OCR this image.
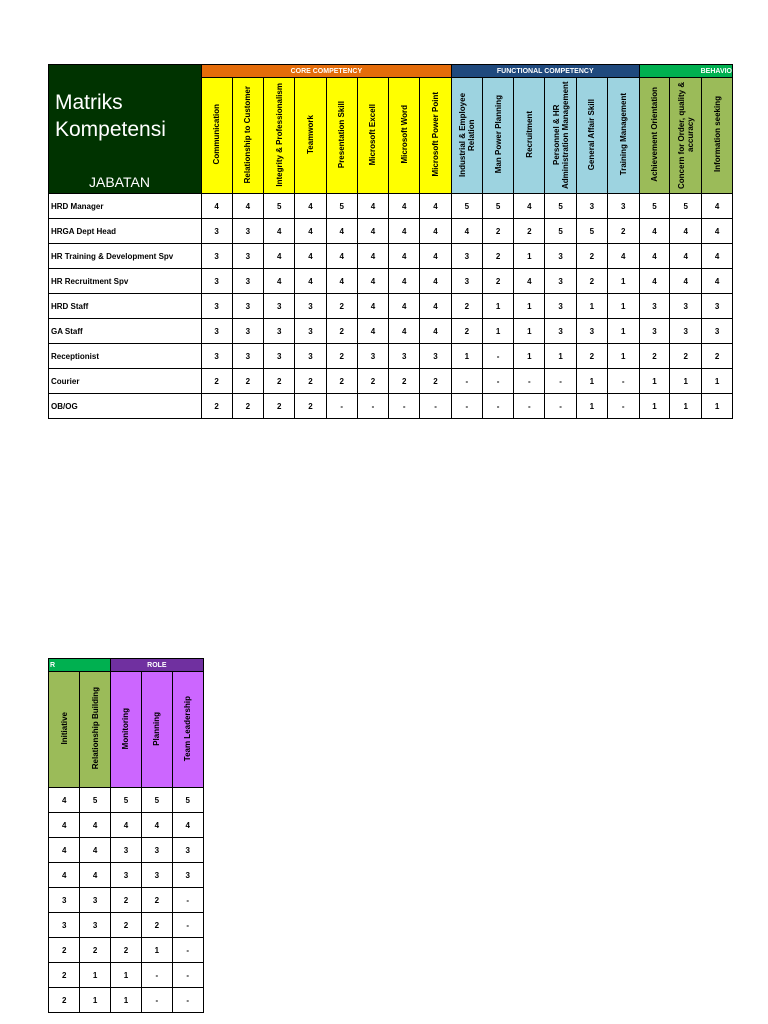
Matriks
Kompetensi
JABATAN	CORE COMPETENCY								FUNCTIONAL COMPETENCY						BEHAVIO		
	Communication	Relationship to Customer	Integrity & Professionalism	Teamwork	Presentation Skill	Microsoft Excell	Microsoft Word	Microsoft Power Point	Industrial & Employee Relation	Man Power Planning	Recruitment	Personnel & HR Administration Management	General Affair Skill	Training Management	Achievement Orientation	Concern for Order, quality & accuracy	Information seeking
HRD Manager	4	4	5	4	5	4	4	4	5	5	4	5	3	3	5	5	4
HRGA Dept Head	3	3	4	4	4	4	4	4	4	2	2	5	5	2	4	4	4
HR Training & Development Spv	3	3	4	4	4	4	4	4	3	2	1	3	2	4	4	4	4
HR Recruitment Spv	3	3	4	4	4	4	4	4	3	2	4	3	2	1	4	4	4
HRD Staff	3	3	3	3	2	4	4	4	2	1	1	3	1	1	3	3	3
GA Staff	3	3	3	3	2	4	4	4	2	1	1	3	3	1	3	3	3
Receptionist	3	3	3	3	2	3	3	3	1	-	1	1	2	1	2	2	2
Courier	2	2	2	2	2	2	2	2	-	-	-	-	1	-	1	1	1
OB/OG	2	2	2	2	-	-	-	-	-	-	-	-	1	-	1	1	1
R		ROLE		
Initiative	Relationship Building	Monitoring	Planning	Team Leadership
4	5	5	5	5
4	4	4	4	4
4	4	3	3	3
4	4	3	3	3
3	3	2	2	-
3	3	2	2	-
2	2	2	1	-
2	1	1	-	-
2	1	1	-	-
